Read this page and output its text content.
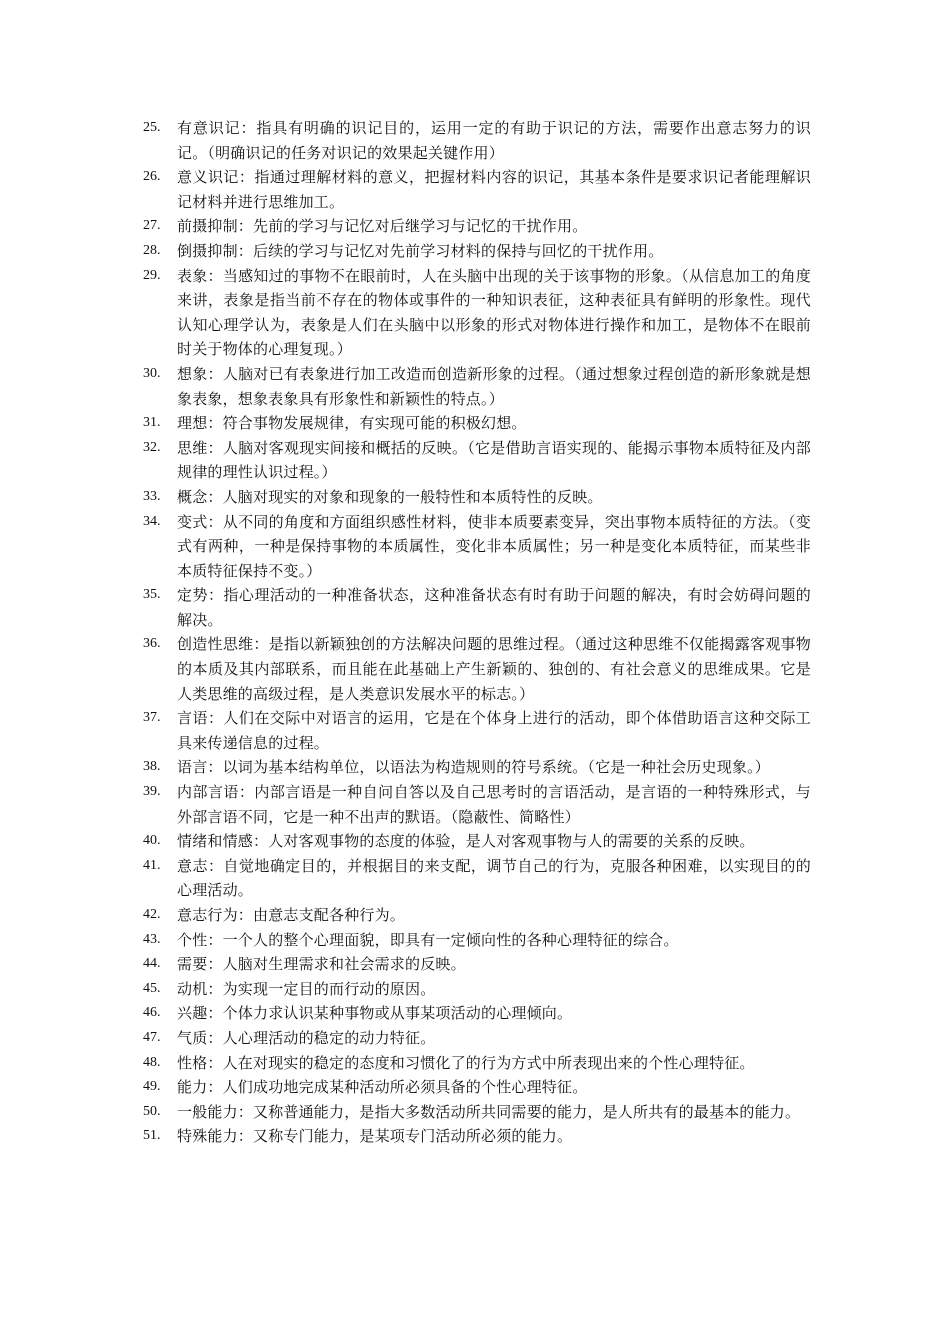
25.	有意识记：指具有明确的识记目的，运用一定的有助于识记的方法，需要作出意志努力的识记。（明确识记的任务对识记的效果起关键作用）
26.	意义识记：指通过理解材料的意义，把握材料内容的识记，其基本条件是要求识记者能理解识记材料并进行思维加工。
27.	前摄抑制：先前的学习与记忆对后继学习与记忆的干扰作用。
28.	倒摄抑制：后续的学习与记忆对先前学习材料的保持与回忆的干扰作用。
29.	表象：当感知过的事物不在眼前时，人在头脑中出现的关于该事物的形象。（从信息加工的角度来讲，表象是指当前不存在的物体或事件的一种知识表征，这种表征具有鲜明的形象性。现代认知心理学认为，表象是人们在头脑中以形象的形式对物体进行操作和加工，是物体不在眼前时关于物体的心理复现。）
30.	想象：人脑对已有表象进行加工改造而创造新形象的过程。（通过想象过程创造的新形象就是想象表象，想象表象具有形象性和新颖性的特点。）
31.	理想：符合事物发展规律，有实现可能的积极幻想。
32.	思维：人脑对客观现实间接和概括的反映。（它是借助言语实现的、能揭示事物本质特征及内部规律的理性认识过程。）
33.	概念：人脑对现实的对象和现象的一般特性和本质特性的反映。
34.	变式：从不同的角度和方面组织感性材料，使非本质要素变异，突出事物本质特征的方法。（变式有两种，一种是保持事物的本质属性，变化非本质属性；另一种是变化本质特征，而某些非本质特征保持不变。）
35.	定势：指心理活动的一种准备状态，这种准备状态有时有助于问题的解决，有时会妨碍问题的解决。
36.	创造性思维：是指以新颖独创的方法解决问题的思维过程。（通过这种思维不仅能揭露客观事物的本质及其内部联系，而且能在此基础上产生新颖的、独创的、有社会意义的思维成果。它是人类思维的高级过程，是人类意识发展水平的标志。）
37.	言语：人们在交际中对语言的运用，它是在个体身上进行的活动，即个体借助语言这种交际工具来传递信息的过程。
38.	语言：以词为基本结构单位，以语法为构造规则的符号系统。（它是一种社会历史现象。）
39.	内部言语：内部言语是一种自问自答以及自己思考时的言语活动，是言语的一种特殊形式，与外部言语不同，它是一种不出声的默语。（隐蔽性、简略性）
40.	情绪和情感：人对客观事物的态度的体验，是人对客观事物与人的需要的关系的反映。
41.	意志：自觉地确定目的，并根据目的来支配，调节自己的行为，克服各种困难，以实现目的的心理活动。
42.	意志行为：由意志支配各种行为。
43.	个性：一个人的整个心理面貌，即具有一定倾向性的各种心理特征的综合。
44.	需要：人脑对生理需求和社会需求的反映。
45.	动机：为实现一定目的而行动的原因。
46.	兴趣：个体力求认识某种事物或从事某项活动的心理倾向。
47.	气质：人心理活动的稳定的动力特征。
48.	性格：人在对现实的稳定的态度和习惯化了的行为方式中所表现出来的个性心理特征。
49.	能力：人们成功地完成某种活动所必须具备的个性心理特征。
50.	一般能力：又称普通能力，是指大多数活动所共同需要的能力，是人所共有的最基本的能力。
51.	特殊能力：又称专门能力，是某项专门活动所必须的能力。
